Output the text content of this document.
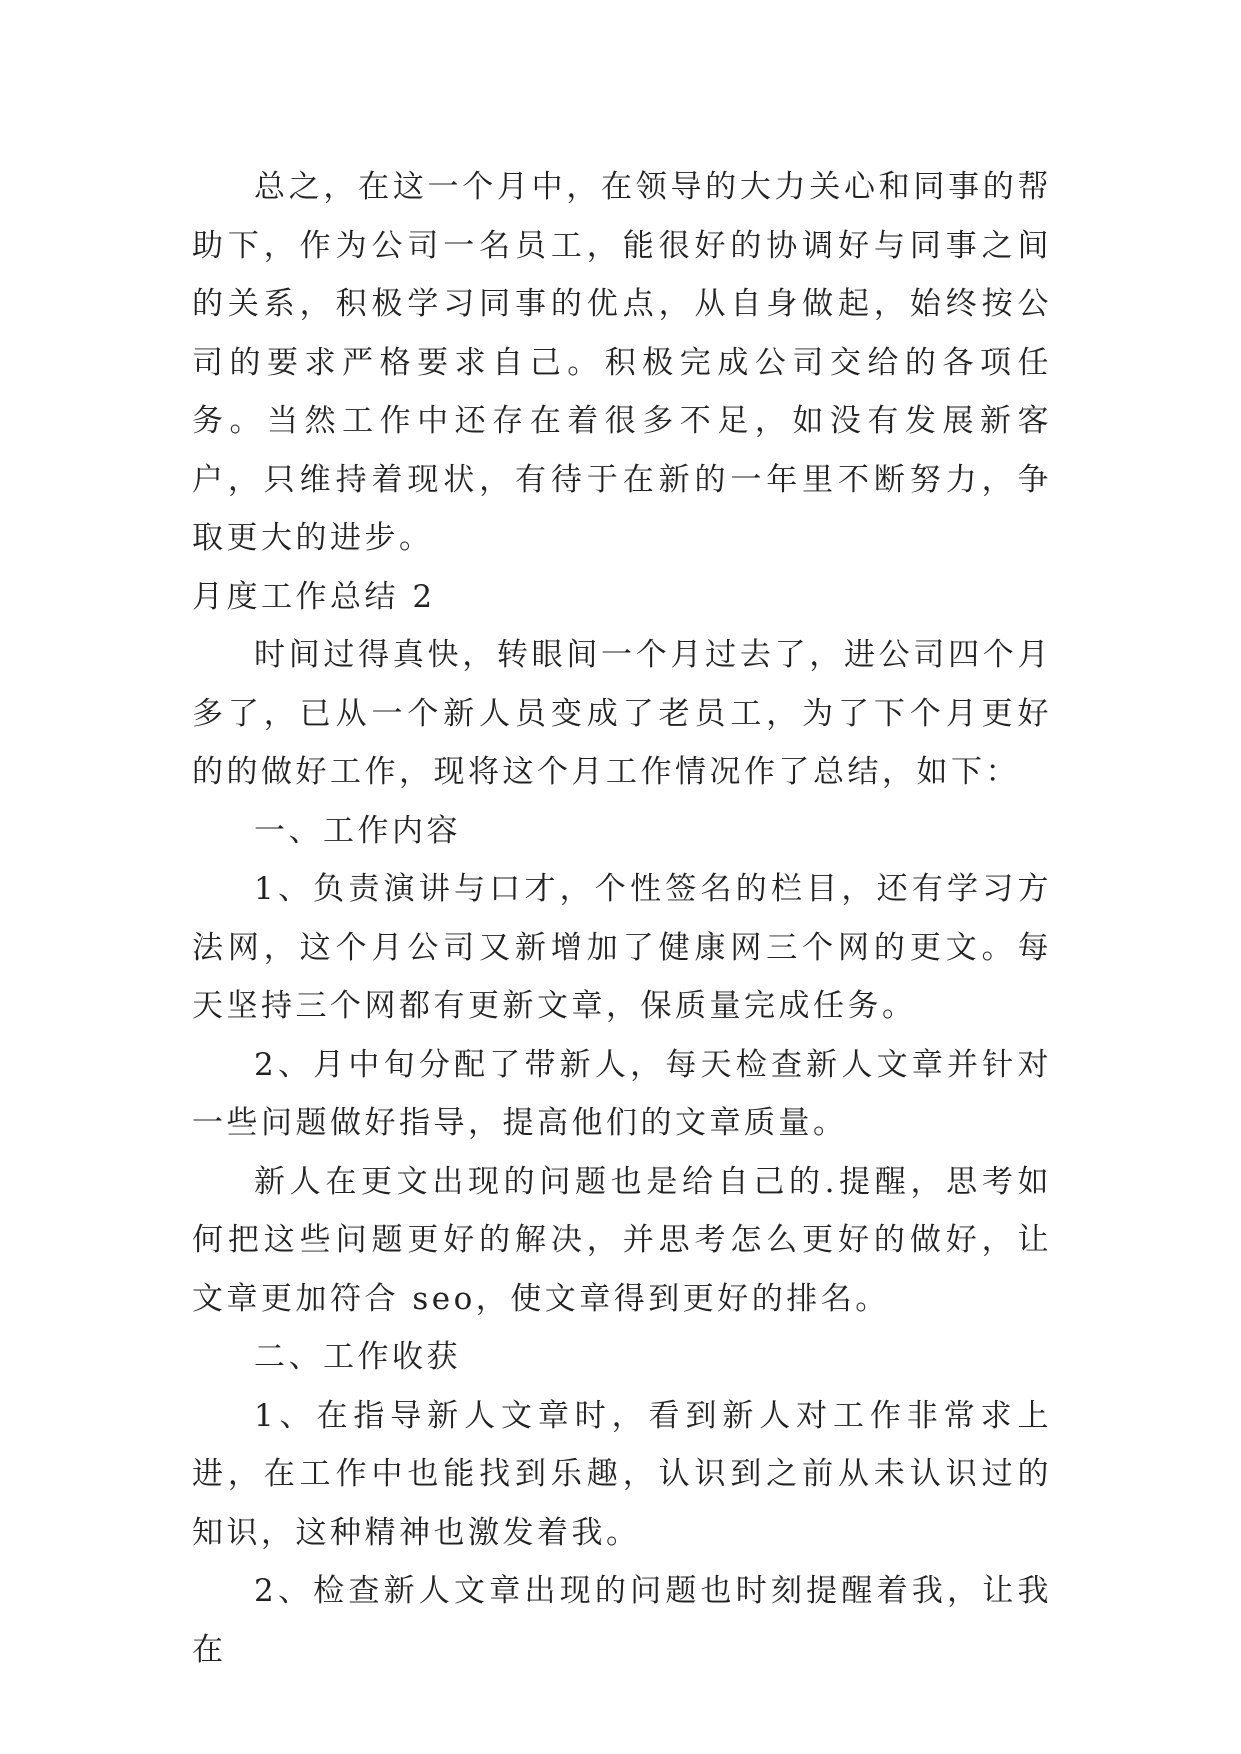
总之，在这一个月中，在领导的大力关心和同事的帮助下，作为公司一名员工，能很好的协调好与同事之间的关系，积极学习同事的优点，从自身做起，始终按公司的要求严格要求自己。积极完成公司交给的各项任务。当然工作中还存在着很多不足，如没有发展新客户，只维持着现状，有待于在新的一年里不断努力，争取更大的进步。

月度工作总结 2

时间过得真快，转眼间一个月过去了，进公司四个月多了，已从一个新人员变成了老员工，为了下个月更好的的做好工作，现将这个月工作情况作了总结，如下：

一、工作内容

1、负责演讲与口才，个性签名的栏目，还有学习方法网，这个月公司又新增加了健康网三个网的更文。每天坚持三个网都有更新文章，保质量完成任务。

2、月中旬分配了带新人，每天检查新人文章并针对一些问题做好指导，提高他们的文章质量。

新人在更文出现的问题也是给自己的.提醒，思考如何把这些问题更好的解决，并思考怎么更好的做好，让文章更加符合 seo，使文章得到更好的排名。

二、工作收获

1、在指导新人文章时，看到新人对工作非常求上进，在工作中也能找到乐趣，认识到之前从未认识过的知识，这种精神也激发着我。

2、检查新人文章出现的问题也时刻提醒着我，让我在
